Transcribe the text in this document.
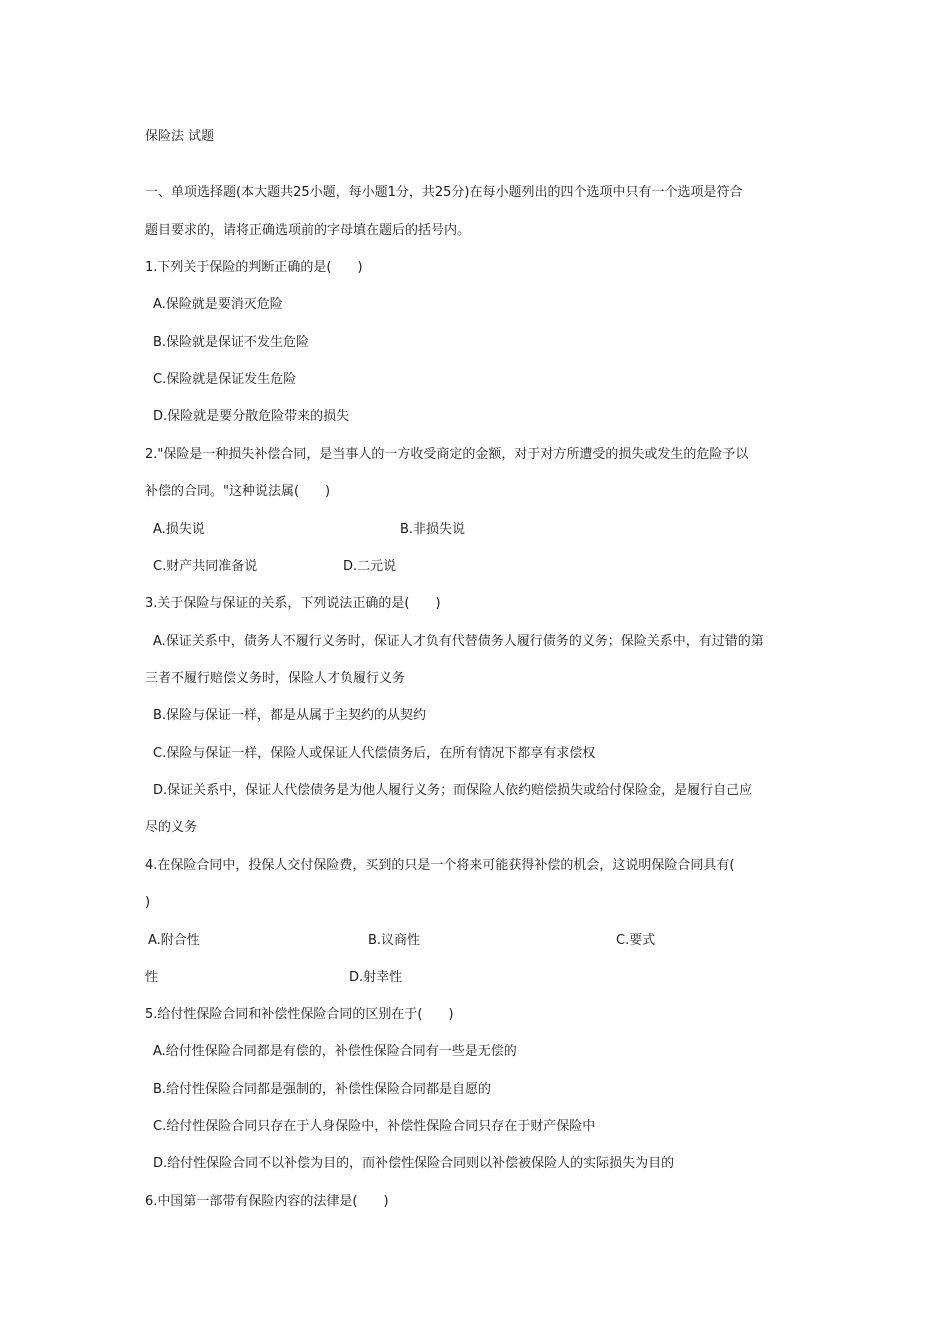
保险法 试题
一、单项选择题(本大题共25小题，每小题1分，共25分)在每小题列出的四个选项中只有一个选项是符合
题目要求的，请将正确选项前的字母填在题后的括号内。
1.下列关于保险的判断正确的是(　　)
A.保险就是要消灭危险
B.保险就是保证不发生危险
C.保险就是保证发生危险
D.保险就是要分散危险带来的损失
2."保险是一种损失补偿合同，是当事人的一方收受商定的金额，对于对方所遭受的损失或发生的危险予以
补偿的合同。"这种说法属(　　)
A.损失说	B.非损失说
C.财产共同准备说	D.二元说
3.关于保险与保证的关系，下列说法正确的是(　　)
A.保证关系中，债务人不履行义务时，保证人才负有代替债务人履行债务的义务；保险关系中，有过错的第
三者不履行赔偿义务时，保险人才负履行义务
B.保险与保证一样，都是从属于主契约的从契约
C.保险与保证一样，保险人或保证人代偿债务后，在所有情况下都享有求偿权
D.保证关系中，保证人代偿债务是为他人履行义务；而保险人依约赔偿损失或给付保险金，是履行自己应
尽的义务
4.在保险合同中，投保人交付保险费，买到的只是一个将来可能获得补偿的机会，这说明保险合同具有(
)
A.附合性	B.议商性	C.要式
性	D.射幸性
5.给付性保险合同和补偿性保险合同的区别在于(　　)
A.给付性保险合同都是有偿的，补偿性保险合同有一些是无偿的
B.给付性保险合同都是强制的，补偿性保险合同都是自愿的
C.给付性保险合同只存在于人身保险中，补偿性保险合同只存在于财产保险中
D.给付性保险合同不以补偿为目的，而补偿性保险合同则以补偿被保险人的实际损失为目的
6.中国第一部带有保险内容的法律是(　　)
